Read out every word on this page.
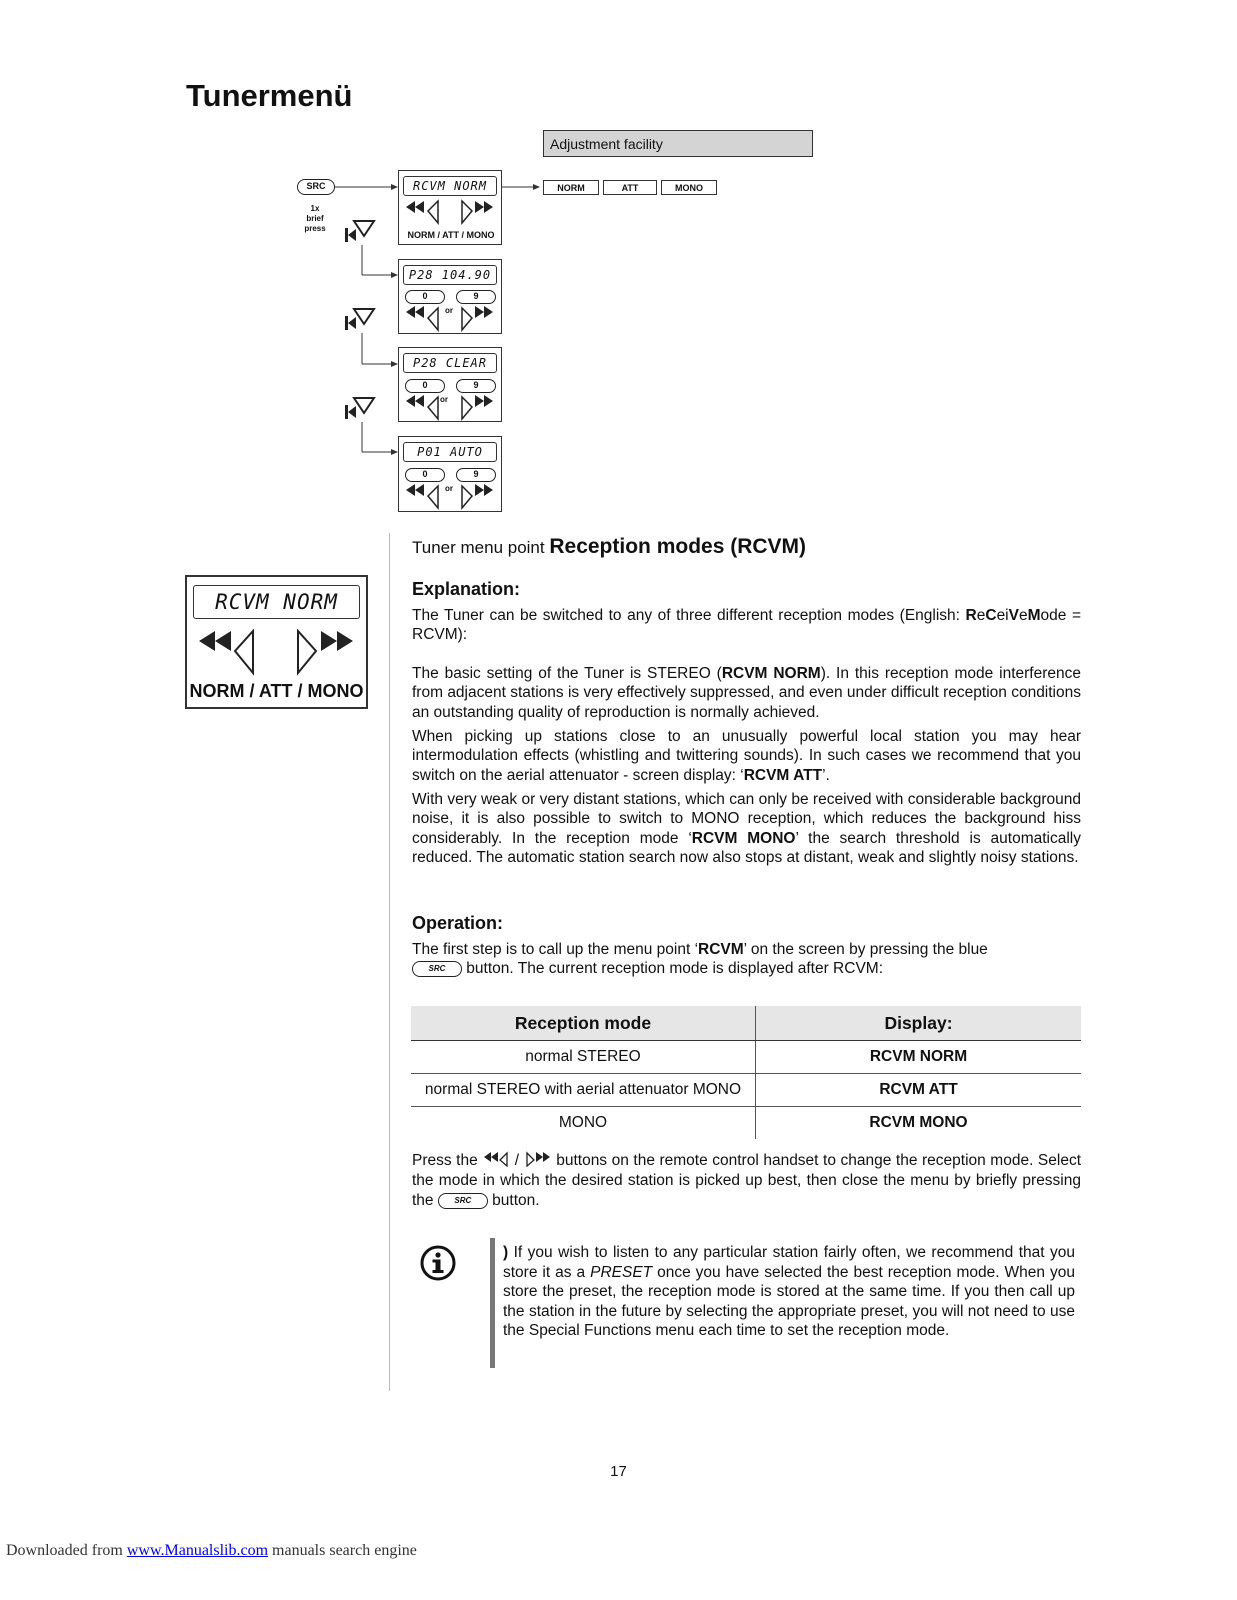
Tunermenü
Adjustment facility
NORM	ATT	MONO
SRC
1x
brief
press
RCVM NORM
NORM / ATT / MONO
P28 104.90
0	9
or
P28 CLEAR
0	9
or
P01 AUTO
0	9
or
RCVM NORM
NORM / ATT / MONO
Tuner menu point Reception modes (RCVM)
Explanation:
The Tuner can be switched to any of three different reception modes (English: ReCeiVeMode = RCVM):
The basic setting of the Tuner is STEREO (RCVM NORM). In this reception mode interference from adjacent stations is very effectively suppressed, and even under difficult reception conditions an outstanding quality of reproduction is normally achieved.
When picking up stations close to an unusually powerful local station you may hear intermodulation effects (whistling and twittering sounds). In such cases we recommend that you switch on the aerial attenuator - screen display: ‘RCVM ATT’.
With very weak or very distant stations, which can only be received with considerable background noise, it is also possible to switch to MONO reception, which reduces the background hiss considerably. In the reception mode ‘RCVM MONO’ the search threshold is automatically reduced. The automatic station search now also stops at distant, weak and slightly noisy stations.
Operation:
The first step is to call up the menu point ‘RCVM’ on the screen by pressing the blue
SRC button. The current reception mode is displayed after RCVM:
Reception mode	Display:
normal STEREO	RCVM NORM
normal STEREO with aerial attenuator MONO	RCVM ATT
MONO	RCVM MONO
Press the  /  buttons on the remote control handset to change the reception mode. Select the mode in which the desired station is picked up best, then close the menu by briefly pressing the SRC button.
) If you wish to listen to any particular station fairly often, we recommend that you store it as a PRESET once you have selected the best reception mode. When you store the preset, the reception mode is stored at the same time. If you then call up the station in the future by selecting the appropriate preset, you will not need to use the Special Functions menu each time to set the reception mode.
17
Downloaded from www.Manualslib.com manuals search engine
